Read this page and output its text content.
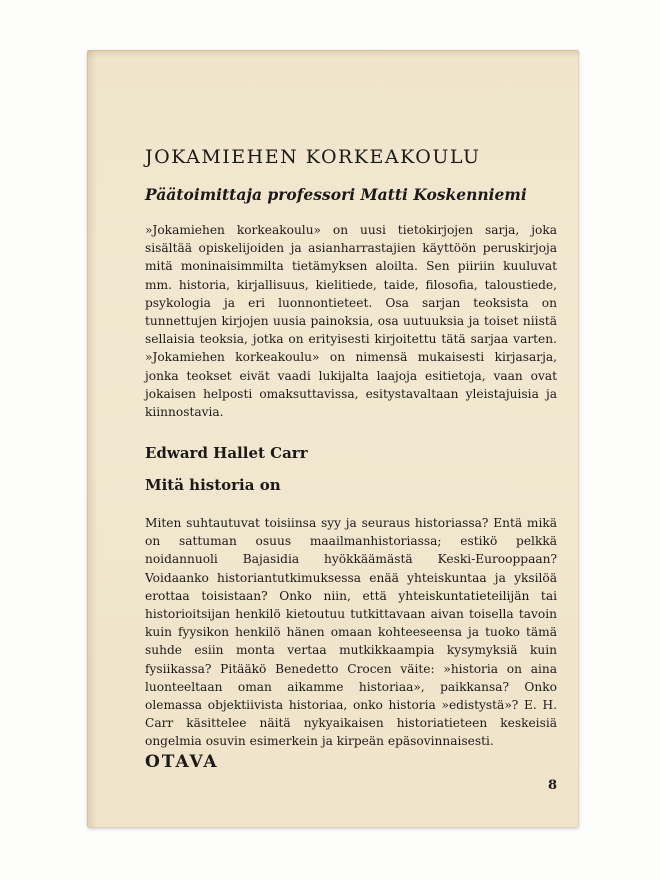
JOKAMIEHEN KORKEAKOULU

Päätoimittaja professori Matti Koskenniemi

»Jokamiehen korkeakoulu» on uusi tietokirjojen sarja, joka sisältää opiskelijoiden ja asianharrastajien käyttöön peruskirjoja mitä moninaisimmilta tietämyksen aloilta. Sen piiriin kuuluvat mm. historia, kirjallisuus, kielitiede, taide, filosofia, taloustiede, psykologia ja eri luonnontieteet. Osa sarjan teoksista on tunnettujen kirjojen uusia painoksia, osa uutuuksia ja toiset niistä sellaisia teoksia, jotka on erityisesti kirjoitettu tätä sarjaa varten. »Jokamiehen korkeakoulu» on nimensä mukaisesti kirjasarja, jonka teokset eivät vaadi lukijalta laajoja esitietoja, vaan ovat jokaisen helposti omaksuttavissa, esitystavaltaan yleistajuisia ja kiinnostavia.

Edward Hallet Carr
Mitä historia on

Miten suhtautuvat toisiinsa syy ja seuraus historiassa? Entä mikä on sattuman osuus maailmanhistoriassa; estikö pelkkä noidannuoli Bajasidia hyökkäämästä Keski-Eurooppaan? Voidaanko historiantutkimuksessa enää yhteiskuntaa ja yksilöä erottaa toisistaan? Onko niin, että yhteiskuntatieteilijän tai historioitsijan henkilö kietoutuu tutkittavaan aivan toisella tavoin kuin fyysikon henkilö hänen omaan kohteeseensa ja tuoko tämä suhde esiin monta vertaa mutkikkaampia kysymyksiä kuin fysiikassa? Pitääkö Benedetto Crocen väite: »historia on aina luonteeltaan oman aikamme historiaa», paikkansa? Onko olemassa objektiivista historiaa, onko historia »edistystä»? E. H. Carr käsittelee näitä nykyaikaisen historiatieteen keskeisiä ongelmia osuvin esimerkein ja kirpeän epäsovinnaisesti.

OTAVA
8
